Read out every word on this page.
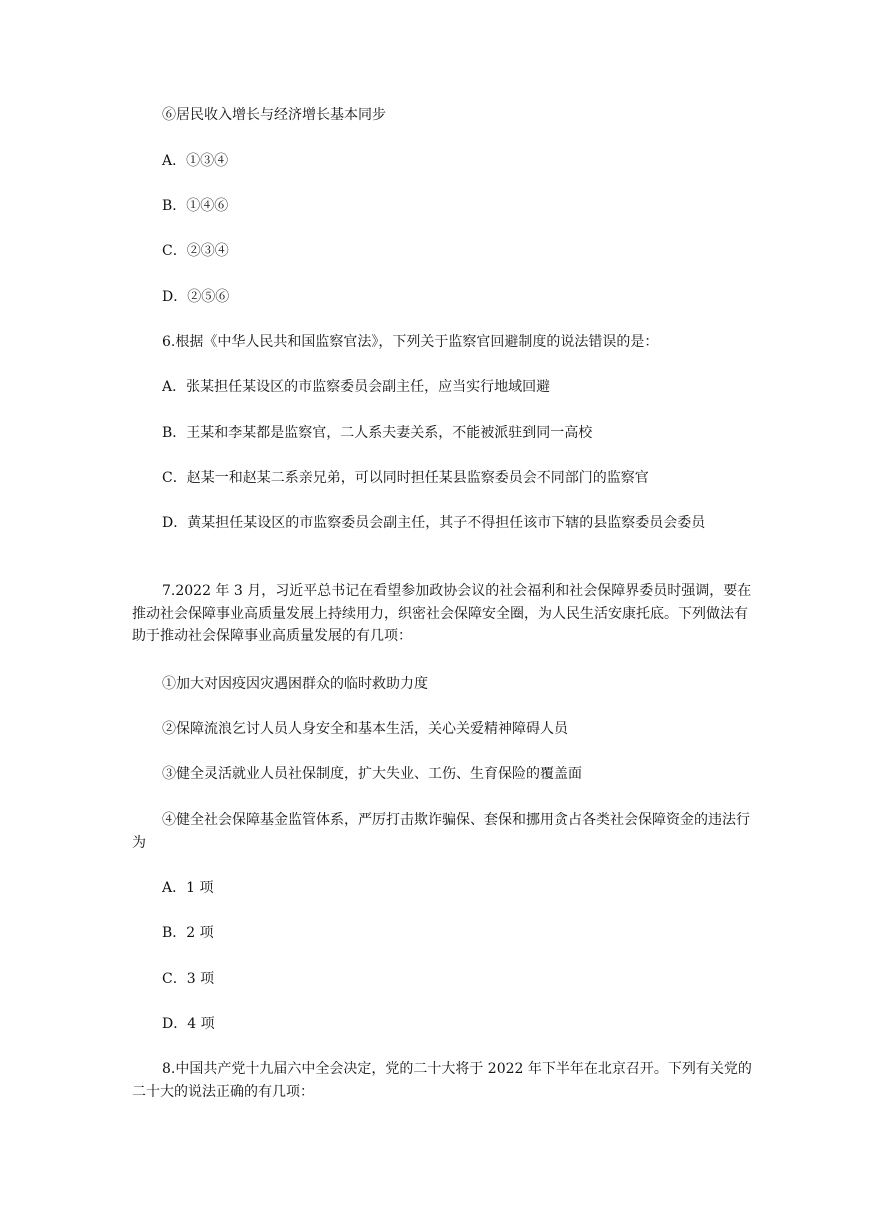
⑥居民收入增长与经济增长基本同步

A．①③④

B．①④⑥

C．②③④

D．②⑤⑥

6.根据《中华人民共和国监察官法》，下列关于监察官回避制度的说法错误的是：

A．张某担任某设区的市监察委员会副主任，应当实行地域回避

B．王某和李某都是监察官，二人系夫妻关系，不能被派驻到同一高校

C．赵某一和赵某二系亲兄弟，可以同时担任某县监察委员会不同部门的监察官

D．黄某担任某设区的市监察委员会副主任，其子不得担任该市下辖的县监察委员会委员

7.2022 年 3 月，习近平总书记在看望参加政协会议的社会福利和社会保障界委员时强调，要在推动社会保障事业高质量发展上持续用力，织密社会保障安全圈，为人民生活安康托底。下列做法有助于推动社会保障事业高质量发展的有几项：

①加大对因疫因灾遇困群众的临时救助力度

②保障流浪乞讨人员人身安全和基本生活，关心关爱精神障碍人员

③健全灵活就业人员社保制度，扩大失业、工伤、生育保险的覆盖面

④健全社会保障基金监管体系，严厉打击欺诈骗保、套保和挪用贪占各类社会保障资金的违法行为

A．1 项

B．2 项

C．3 项

D．4 项

8.中国共产党十九届六中全会决定，党的二十大将于 2022 年下半年在北京召开。下列有关党的二十大的说法正确的有几项：
